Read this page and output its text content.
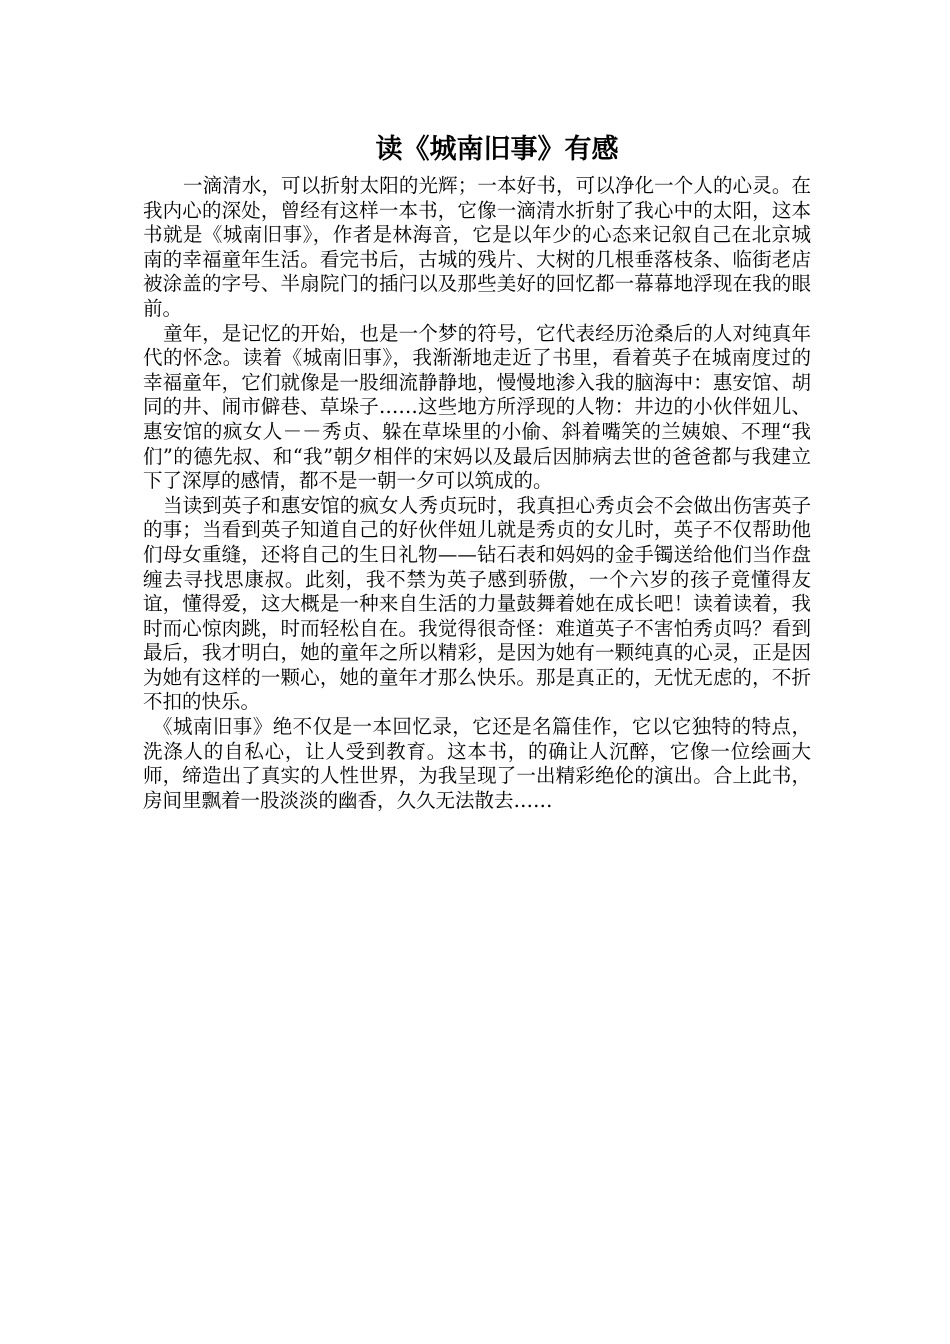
读《城南旧事》有感

一滴清水，可以折射太阳的光辉；一本好书，可以净化一个人的心灵。在我内心的深处，曾经有这样一本书，它像一滴清水折射了我心中的太阳，这本书就是《城南旧事》，作者是林海音，它是以年少的心态来记叙自己在北京城南的幸福童年生活。看完书后，古城的残片、大树的几根垂落枝条、临街老店被涂盖的字号、半扇院门的插闩以及那些美好的回忆都一幕幕地浮现在我的眼前。

童年，是记忆的开始，也是一个梦的符号，它代表经历沧桑后的人对纯真年代的怀念。读着《城南旧事》，我渐渐地走近了书里，看着英子在城南度过的幸福童年，它们就像是一股细流静静地，慢慢地渗入我的脑海中：惠安馆、胡同的井、闹市僻巷、草垛子……这些地方所浮现的人物：井边的小伙伴妞儿、惠安馆的疯女人－－秀贞、躲在草垛里的小偷、斜着嘴笑的兰姨娘、不理“我们”的德先叔、和“我”朝夕相伴的宋妈以及最后因肺病去世的爸爸都与我建立下了深厚的感情，都不是一朝一夕可以筑成的。

当读到英子和惠安馆的疯女人秀贞玩时，我真担心秀贞会不会做出伤害英子的事；当看到英子知道自己的好伙伴妞儿就是秀贞的女儿时，英子不仅帮助他们母女重缝，还将自己的生日礼物——钻石表和妈妈的金手镯送给他们当作盘缠去寻找思康叔。此刻，我不禁为英子感到骄傲，一个六岁的孩子竟懂得友谊，懂得爱，这大概是一种来自生活的力量鼓舞着她在成长吧！读着读着，我时而心惊肉跳，时而轻松自在。我觉得很奇怪：难道英子不害怕秀贞吗？看到最后，我才明白，她的童年之所以精彩，是因为她有一颗纯真的心灵，正是因为她有这样的一颗心，她的童年才那么快乐。那是真正的，无忧无虑的，不折不扣的快乐。

《城南旧事》绝不仅是一本回忆录，它还是名篇佳作，它以它独特的特点，洗涤人的自私心，让人受到教育。这本书，的确让人沉醉，它像一位绘画大师，缔造出了真实的人性世界，为我呈现了一出精彩绝伦的演出。合上此书，房间里飘着一股淡淡的幽香，久久无法散去……
